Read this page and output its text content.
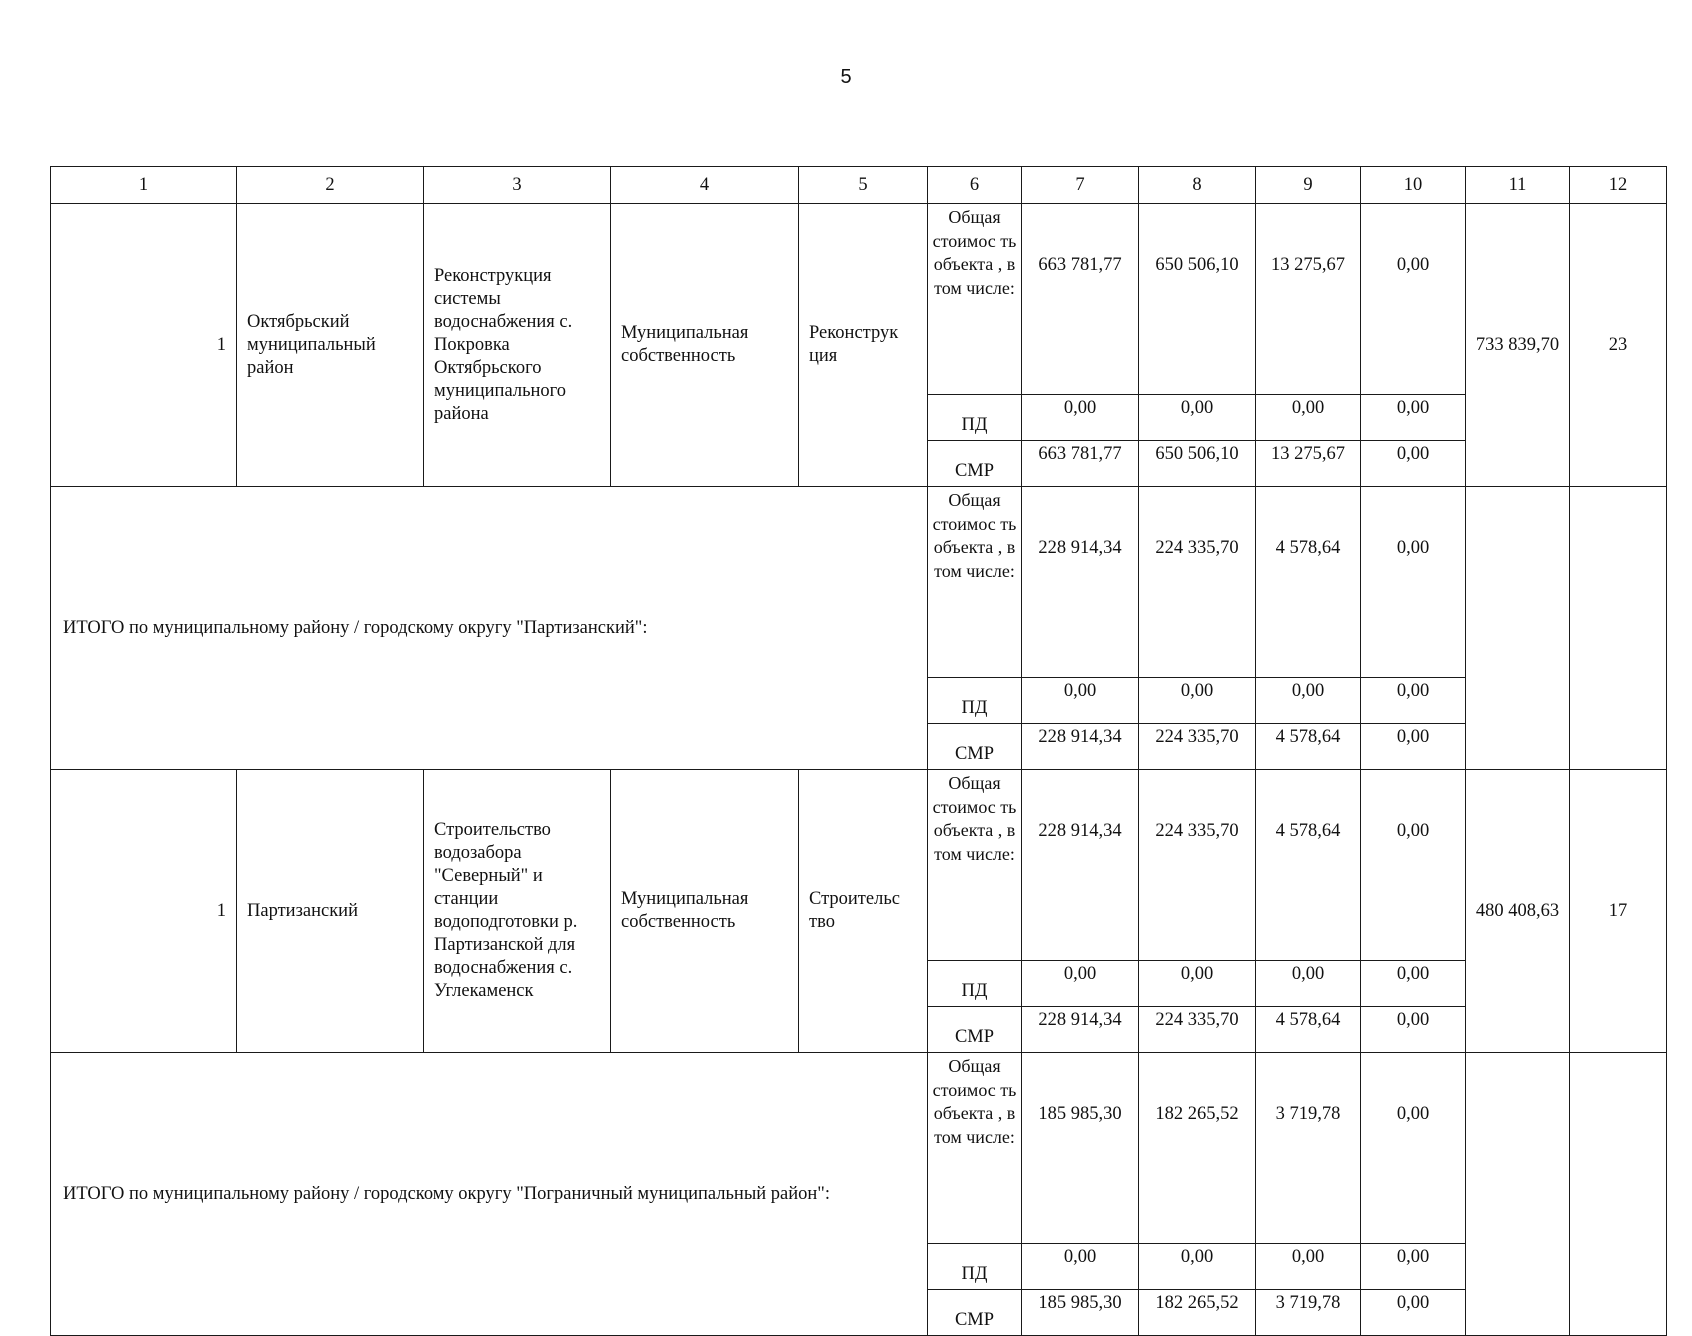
5
1	2	3	4	5	6	7	8	9	10	11	12
1	Октябрьский муниципальный район	Реконструкция системы водоснабжения с. Покровка Октябрьского муниципального района	Муниципальная собственность	Реконструк ция	Общая стоимос ть объекта , в том числе:	663 781,77	650 506,10	13 275,67	0,00	733 839,70	23
					ПД	0,00	0,00	0,00	0,00		
					СМР	663 781,77	650 506,10	13 275,67	0,00		
ИТОГО по муниципальному району / городскому округу "Партизанский":					Общая стоимос ть объекта , в том числе:	228 914,34	224 335,70	4 578,64	0,00		
					ПД	0,00	0,00	0,00	0,00		
					СМР	228 914,34	224 335,70	4 578,64	0,00		
1	Партизанский	Строительство водозабора "Северный" и станции водоподготовки р. Партизанской для водоснабжения с. Углекаменск	Муниципальная собственность	Строительс тво	Общая стоимос ть объекта , в том числе:	228 914,34	224 335,70	4 578,64	0,00	480 408,63	17
					ПД	0,00	0,00	0,00	0,00		
					СМР	228 914,34	224 335,70	4 578,64	0,00		
ИТОГО по муниципальному району / городскому округу "Пограничный муниципальный район":					Общая стоимос ть объекта , в том числе:	185 985,30	182 265,52	3 719,78	0,00		
					ПД	0,00	0,00	0,00	0,00		
					СМР	185 985,30	182 265,52	3 719,78	0,00		
